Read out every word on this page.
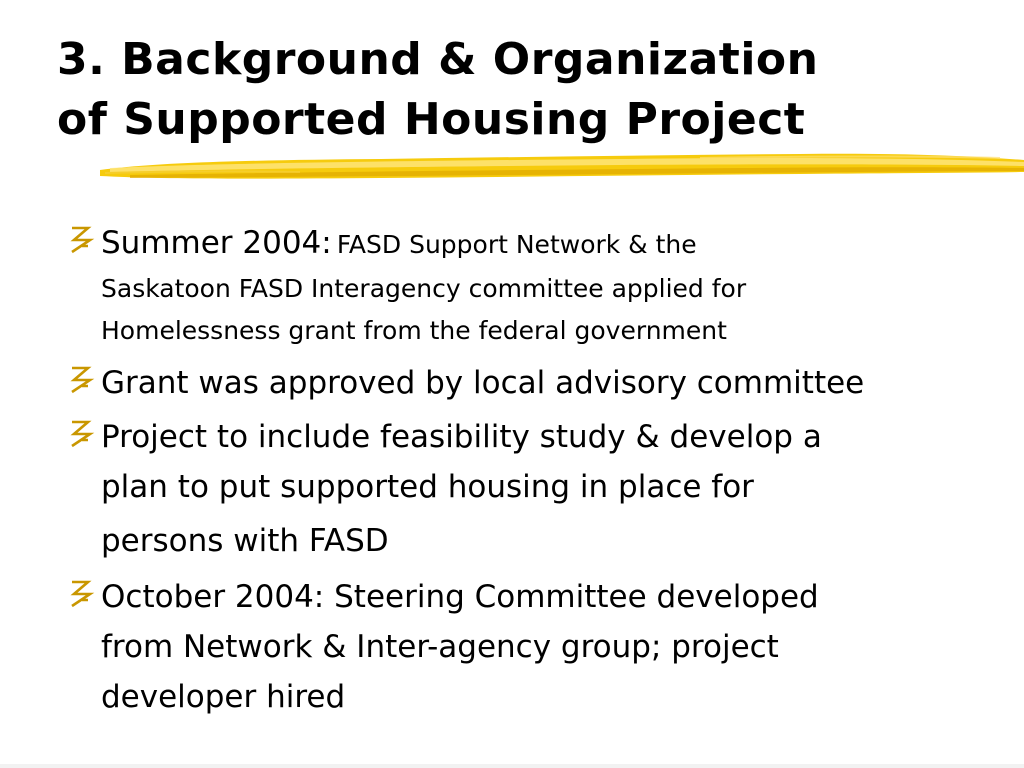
3. Background & Organization
of Supported Housing Project
Summer 2004: FASD Support Network & the
Saskatoon FASD Interagency committee applied for
Homelessness grant from the federal government
Grant was approved by local advisory committee
Project to include feasibility study & develop a
plan to put supported housing in place for
persons with FASD
October 2004: Steering Committee developed
from Network & Inter-agency group; project
developer hired
